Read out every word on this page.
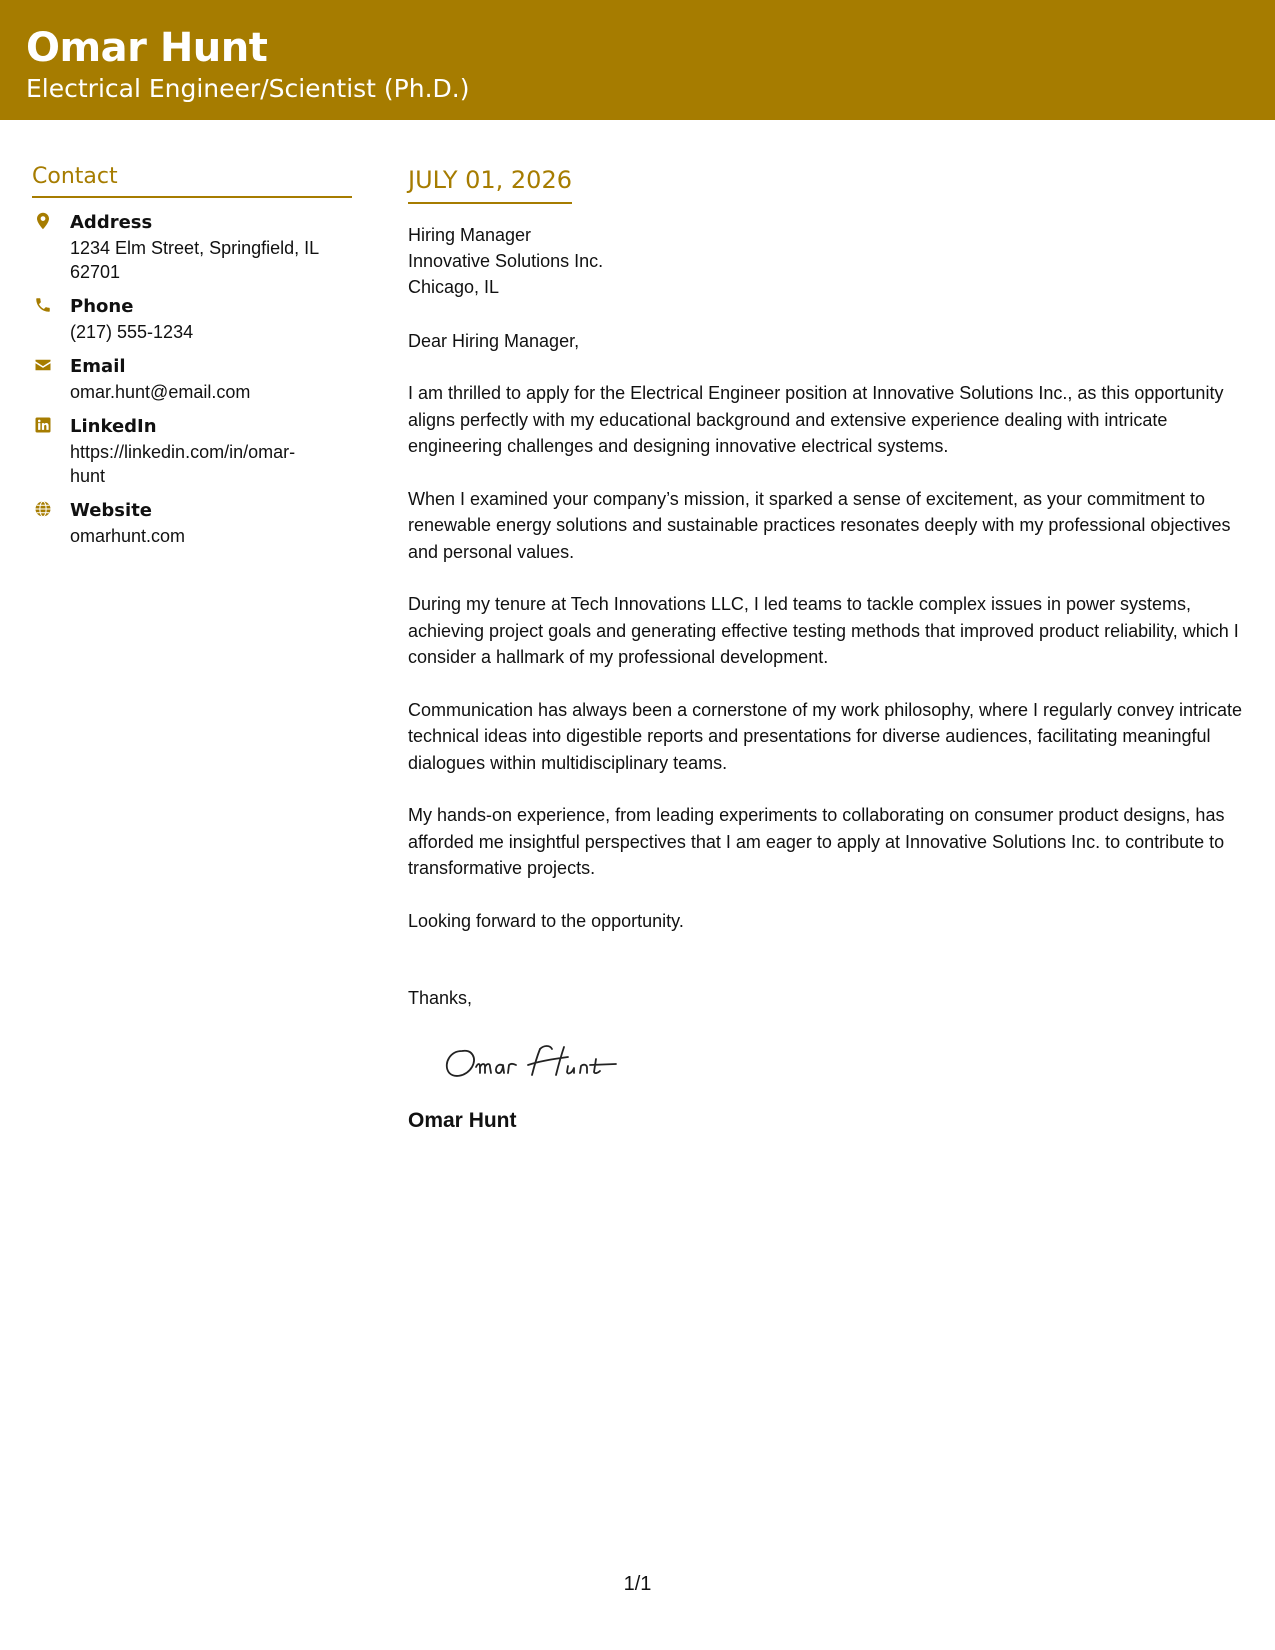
Omar Hunt
Electrical Engineer/Scientist (Ph.D.)
Contact
Address
1234 Elm Street, Springfield, IL 62701
Phone
(217) 555-1234
Email
omar.hunt@email.com
LinkedIn
https://linkedin.com/in/omar-hunt
Website
omarhunt.com
JULY 01, 2026
Hiring Manager
Innovative Solutions Inc.
Chicago, IL
Dear Hiring Manager,
I am thrilled to apply for the Electrical Engineer position at Innovative Solutions Inc., as this opportunity aligns perfectly with my educational background and extensive experience dealing with intricate engineering challenges and designing innovative electrical systems.
When I examined your company’s mission, it sparked a sense of excitement, as your commitment to renewable energy solutions and sustainable practices resonates deeply with my professional objectives and personal values.
During my tenure at Tech Innovations LLC, I led teams to tackle complex issues in power systems, achieving project goals and generating effective testing methods that improved product reliability, which I consider a hallmark of my professional development.
Communication has always been a cornerstone of my work philosophy, where I regularly convey intricate technical ideas into digestible reports and presentations for diverse audiences, facilitating meaningful dialogues within multidisciplinary teams.
My hands-on experience, from leading experiments to collaborating on consumer product designs, has afforded me insightful perspectives that I am eager to apply at Innovative Solutions Inc. to contribute to transformative projects.
Looking forward to the opportunity.
Thanks,
Omar Hunt
1/1
